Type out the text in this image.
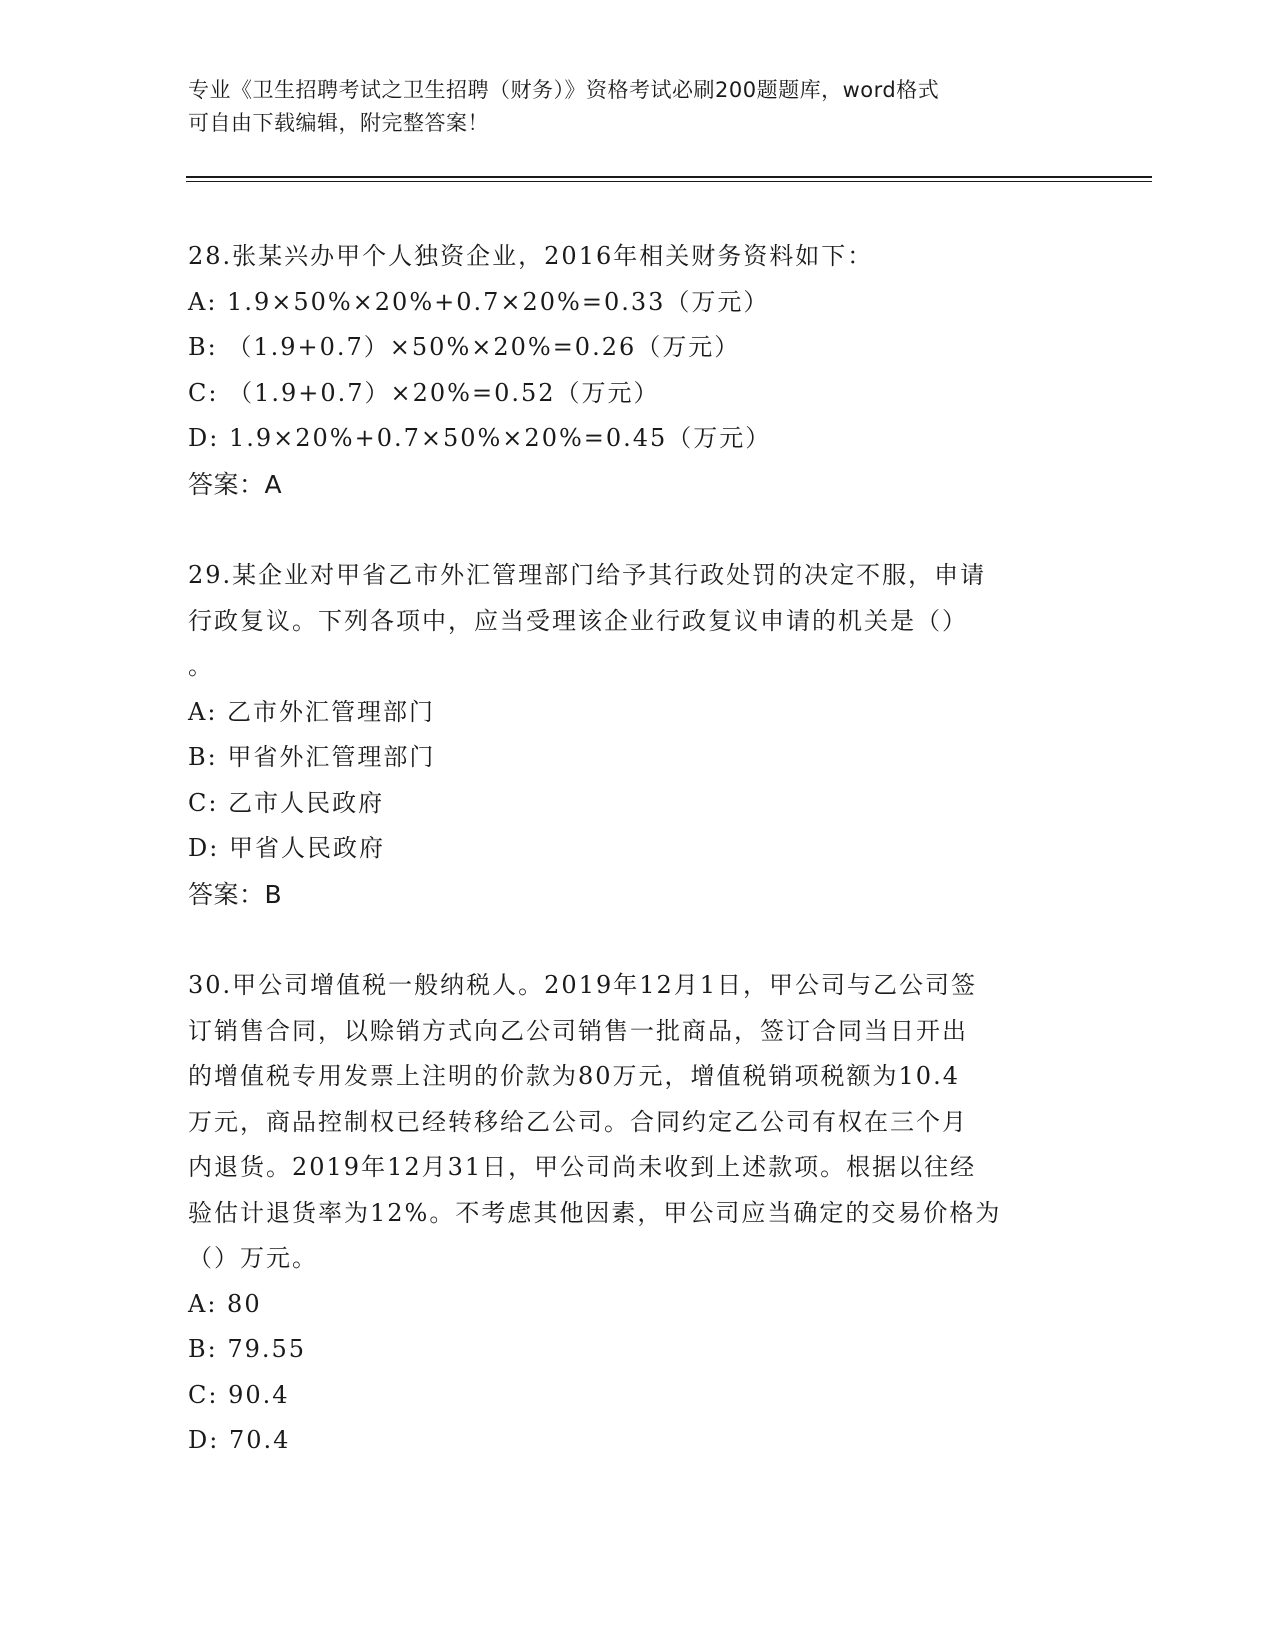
专业《卫生招聘考试之卫生招聘（财务）》资格考试必刷200题题库，word格式
可自由下载编辑，附完整答案！

28.张某兴办甲个人独资企业，2016年相关财务资料如下：

A: 1.9×50%×20%+0.7×20%=0.33（万元）

B: （1.9+0.7）×50%×20%=0.26（万元）

C: （1.9+0.7）×20%=0.52（万元）

D: 1.9×20%+0.7×50%×20%=0.45（万元）

答案：A

29.某企业对甲省乙市外汇管理部门给予其行政处罚的决定不服，申请

行政复议。下列各项中，应当受理该企业行政复议申请的机关是（）

。

A: 乙市外汇管理部门

B: 甲省外汇管理部门

C: 乙市人民政府

D: 甲省人民政府

答案：B

30.甲公司增值税一般纳税人。2019年12月1日，甲公司与乙公司签

订销售合同，以赊销方式向乙公司销售一批商品，签订合同当日开出

的增值税专用发票上注明的价款为80万元，增值税销项税额为10.4

万元，商品控制权已经转移给乙公司。合同约定乙公司有权在三个月

内退货。2019年12月31日，甲公司尚未收到上述款项。根据以往经

验估计退货率为12%。不考虑其他因素，甲公司应当确定的交易价格为

（）万元。

A: 80

B: 79.55

C: 90.4

D: 70.4
